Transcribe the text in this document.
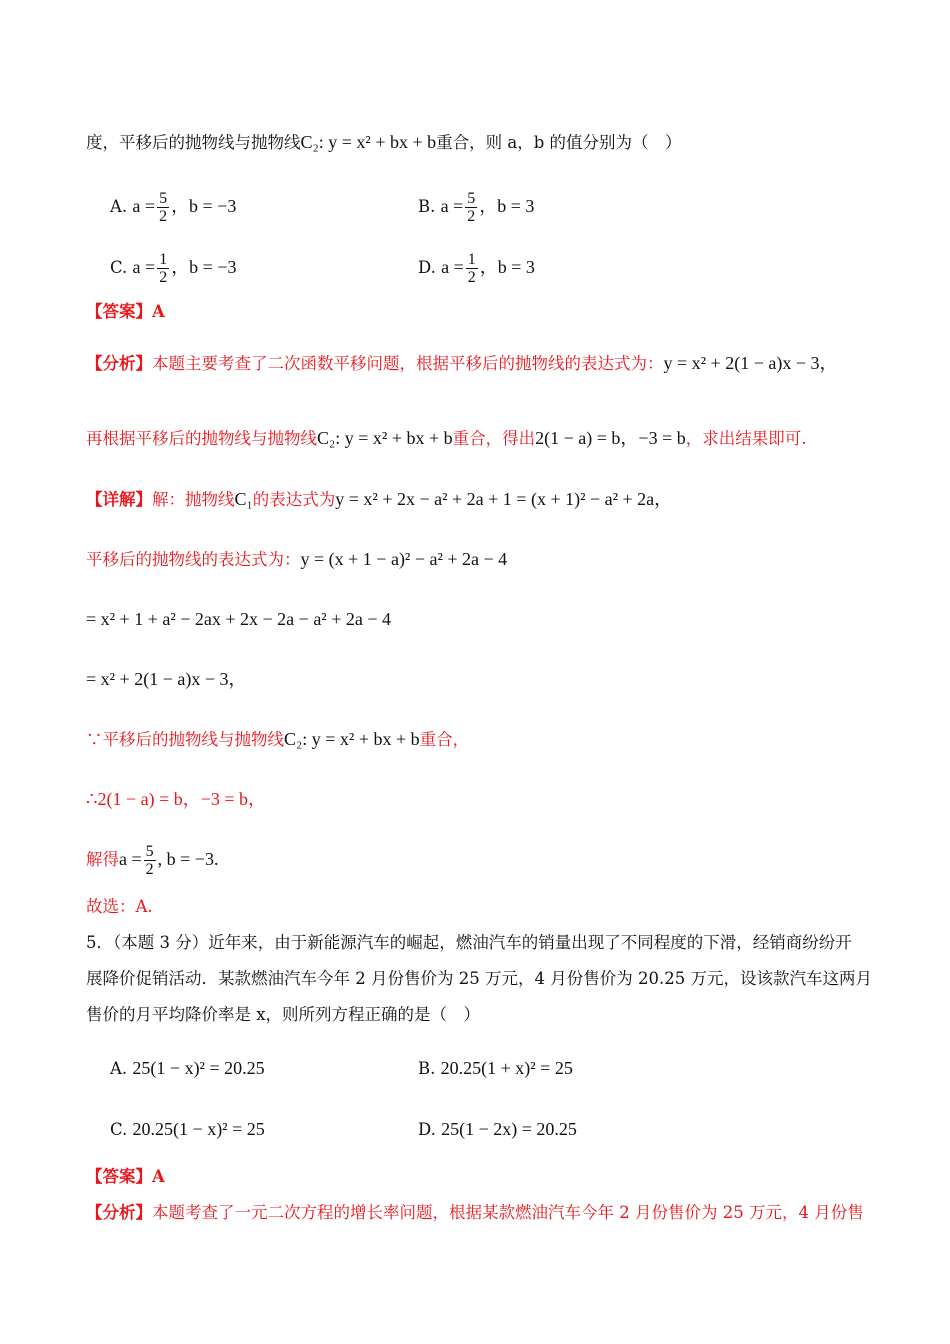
度，平移后的抛物线与抛物线C₂: y = x² + bx + b重合，则 a，b 的值分别为（　）
A. $a = \frac{5}{2}$ ，b = −3	B. $a = \frac{5}{2}$ ，b = 3
C. $a = \frac{1}{2}$ ，b = −3	D. $a = \frac{1}{2}$ ，b = 3
【答案】A
【分析】本题主要考查了二次函数平移问题，根据平移后的抛物线的表达式为：y = x² + 2(1 − a)x − 3，
再根据平移后的抛物线与抛物线C₂: y = x² + bx + b重合，得出2(1 − a) = b，−3 = b，求出结果即可.
【详解】解：抛物线C₁的表达式为y = x² + 2x − a² + 2a + 1 = (x + 1)² − a² + 2a，
平移后的抛物线的表达式为：y = (x + 1 − a)² − a² + 2a − 4
= x² + 1 + a² − 2ax + 2x − 2a − a² + 2a − 4
= x² + 2(1 − a)x − 3，
∵平移后的抛物线与抛物线C₂: y = x² + bx + b重合，
∴2(1 − a) = b，−3 = b，
解得$a = \frac{5}{2}$ , b = −3.
故选：A.
5．（本题 3 分）近年来，由于新能源汽车的崛起，燃油汽车的销量出现了不同程度的下滑，经销商纷纷开
展降价促销活动．某款燃油汽车今年 2 月份售价为 25 万元，4 月份售价为 20.25 万元，设该款汽车这两月
售价的月平均降价率是 x，则所列方程正确的是（　）
A. 25(1 − x)² = 20.25	B. 20.25(1 + x)² = 25
C. 20.25(1 − x)² = 25	D. 25(1 − 2x) = 20.25
【答案】A
【分析】本题考查了一元二次方程的增长率问题，根据某款燃油汽车今年 2 月份售价为 25 万元，4 月份售
